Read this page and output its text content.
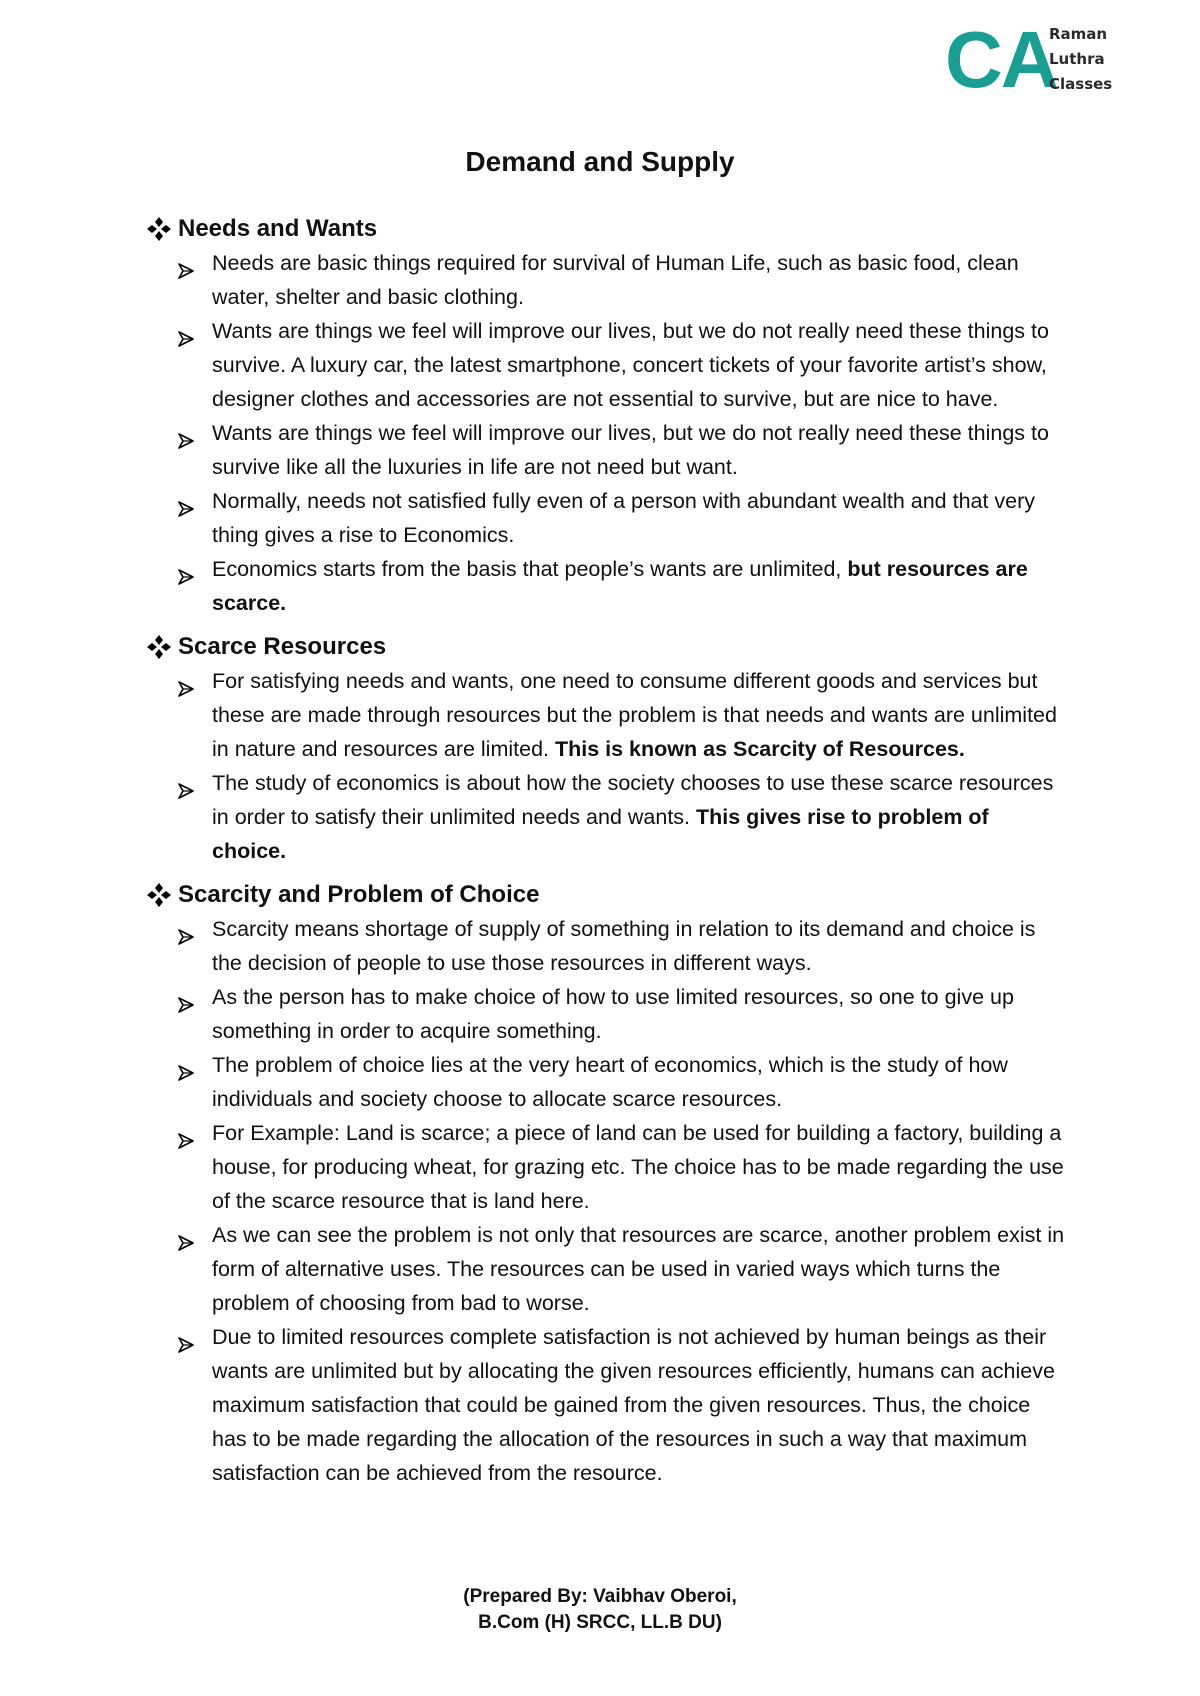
CA
Raman
Luthra
Classes
Demand and Supply
Needs and Wants
Needs are basic things required for survival of Human Life, such as basic food, clean water, shelter and basic clothing.
Wants are things we feel will improve our lives, but we do not really need these things to survive. A luxury car, the latest smartphone, concert tickets of your favorite artist’s show, designer clothes and accessories are not essential to survive, but are nice to have.
Wants are things we feel will improve our lives, but we do not really need these things to survive like all the luxuries in life are not need but want.
Normally, needs not satisfied fully even of a person with abundant wealth and that very thing gives a rise to Economics.
Economics starts from the basis that people’s wants are unlimited, but resources are scarce.
Scarce Resources
For satisfying needs and wants, one need to consume different goods and services but these are made through resources but the problem is that needs and wants are unlimited in nature and resources are limited. This is known as Scarcity of Resources.
The study of economics is about how the society chooses to use these scarce resources in order to satisfy their unlimited needs and wants. This gives rise to problem of choice.
Scarcity and Problem of Choice
Scarcity means shortage of supply of something in relation to its demand and choice is the decision of people to use those resources in different ways.
As the person has to make choice of how to use limited resources, so one to give up something in order to acquire something.
The problem of choice lies at the very heart of economics, which is the study of how individuals and society choose to allocate scarce resources.
For Example: Land is scarce; a piece of land can be used for building a factory, building a house, for producing wheat, for grazing etc. The choice has to be made regarding the use of the scarce resource that is land here.
As we can see the problem is not only that resources are scarce, another problem exist in form of alternative uses. The resources can be used in varied ways which turns the problem of choosing from bad to worse.
Due to limited resources complete satisfaction is not achieved by human beings as their wants are unlimited but by allocating the given resources efficiently, humans can achieve maximum satisfaction that could be gained from the given resources. Thus, the choice has to be made regarding the allocation of the resources in such a way that maximum satisfaction can be achieved from the resource.
(Prepared By: Vaibhav Oberoi,
B.Com (H) SRCC, LL.B DU)
